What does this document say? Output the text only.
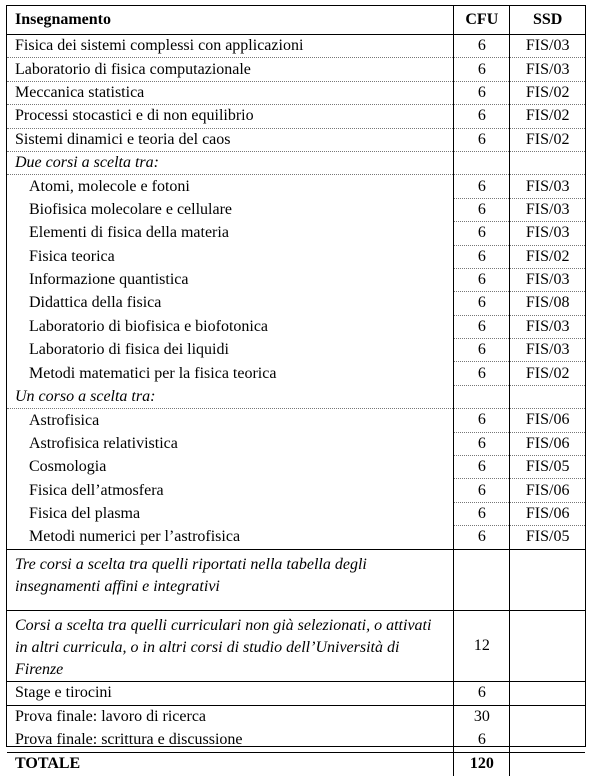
Insegnamento	CFU	SSD
Fisica dei sistemi complessi con applicazioni	6	FIS/03
Laboratorio di fisica computazionale	6	FIS/03
Meccanica statistica	6	FIS/02
Processi stocastici e di non equilibrio	6	FIS/02
Sistemi dinamici e teoria del caos	6	FIS/02
Due corsi a scelta tra:		
Atomi, molecole e fotoni	6	FIS/03
Biofisica molecolare e cellulare	6	FIS/03
Elementi di fisica della materia	6	FIS/03
Fisica teorica	6	FIS/02
Informazione quantistica	6	FIS/03
Didattica della fisica	6	FIS/08
Laboratorio di biofisica e biofotonica	6	FIS/03
Laboratorio di fisica dei liquidi	6	FIS/03
Metodi matematici per la fisica teorica	6	FIS/02
Un corso a scelta tra:		
Astrofisica	6	FIS/06
Astrofisica relativistica	6	FIS/06
Cosmologia	6	FIS/05
Fisica dell’atmosfera	6	FIS/06
Fisica del plasma	6	FIS/06
Metodi numerici per l’astrofisica	6	FIS/05
Tre corsi a scelta tra quelli riportati nella tabella degli insegnamenti affini e integrativi		
Corsi a scelta tra quelli curriculari non già selezionati, o attivati in altri curricula, o in altri corsi di studio dell’Università di Firenze	12	
Stage e tirocini	6	
Prova finale: lavoro di ricerca	30	
Prova finale: scrittura e discussione	6	
TOTALE	120	
